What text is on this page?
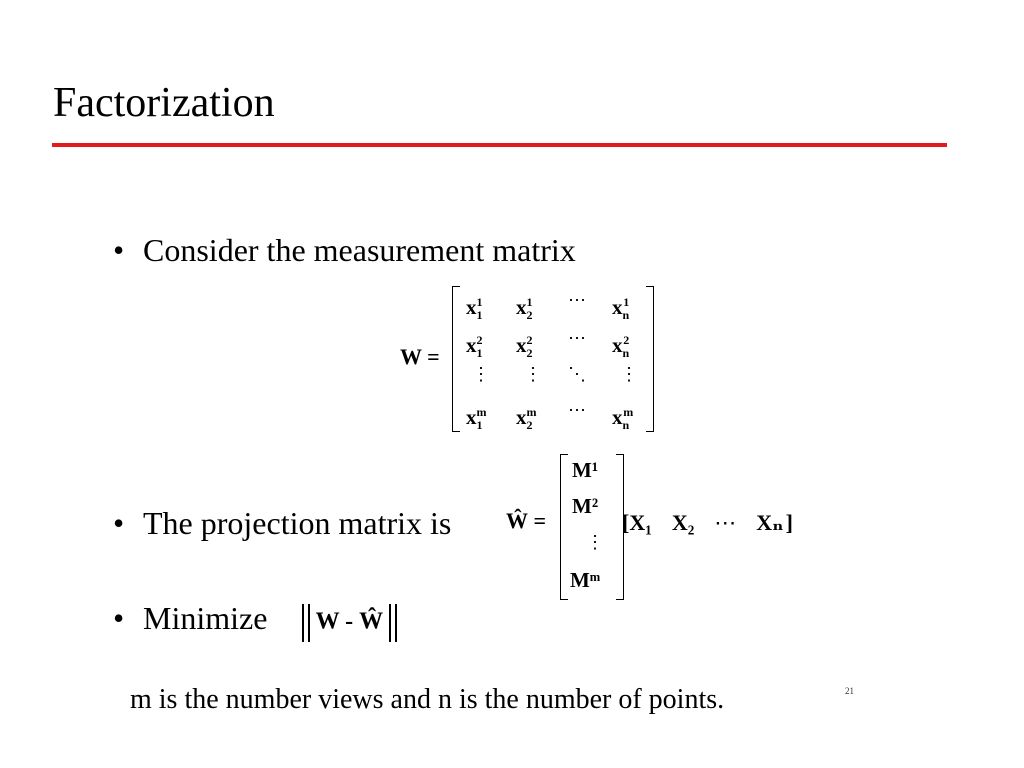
Factorization
• Consider the measurement matrix
W =
$x_1^1$ $x_2^1$ ⋯ $x_n^1$
$x_1^2$ $x_2^2$ ⋯ $x_n^2$
⋮ ⋮ ⋱ ⋮
$x_1^m$ $x_2^m$ ⋯ $x_n^m$
• The projection matrix is Ŵ =
M¹
M²
⋮
Mᵐ
[X₁ X₂ ⋯ Xₙ]
• Minimize	W - Ŵ
m is the number views and n is the number of points.	21
